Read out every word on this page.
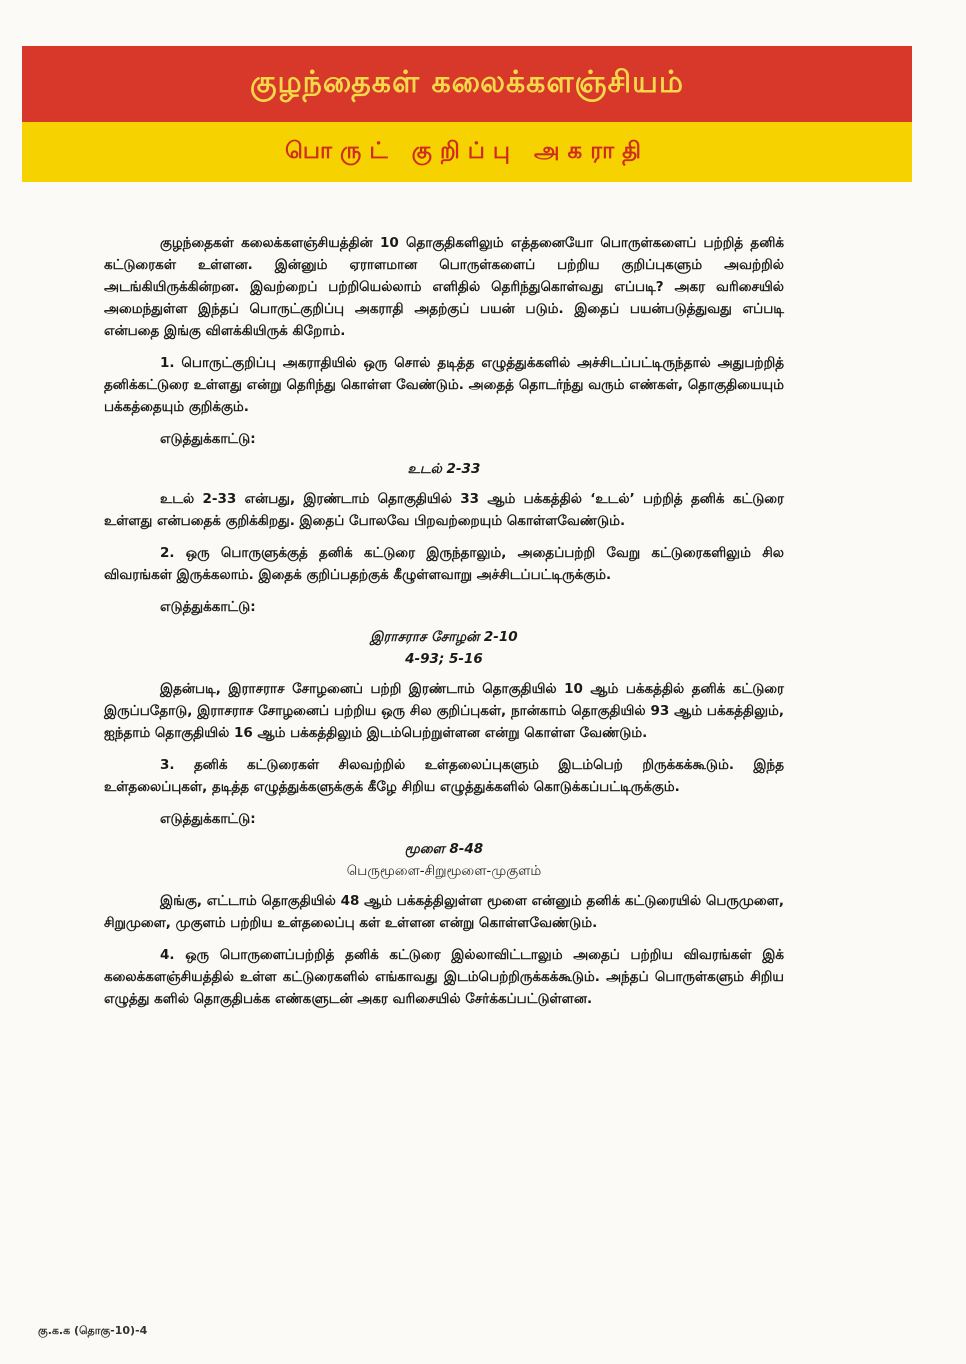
குழந்தைகள் கலைக்களஞ்சியம்
பொருட் குறிப்பு அகராதி

குழந்தைகள் கலைக்களஞ்சியத்தின் 10 தொகுதிகளிலும் எத்தனையோ பொருள்களைப் பற்றித் தனிக் கட்டுரைகள் உள்ளன. இன்னும் ஏராளமான பொருள்களைப் பற்றிய குறிப்புகளும் அவற்றில் அடங்கியிருக்கின்றன. இவற்றைப் பற்றியெல்லாம் எளிதில் தெரிந்துகொள்வது எப்படி? அகர வரிசையில் அமைந்துள்ள இந்தப் பொருட்குறிப்பு அகராதி அதற்குப் பயன் படும். இதைப் பயன்படுத்துவது எப்படி என்பதை இங்கு விளக்கியிருக் கிறோம்.

1. பொருட்குறிப்பு அகராதியில் ஒரு சொல் தடித்த எழுத்துக்களில் அச்சிடப்பட்டிருந்தால் அதுபற்றித் தனிக்கட்டுரை உள்ளது என்று தெரிந்து கொள்ள வேண்டும். அதைத் தொடர்ந்து வரும் எண்கள், தொகுதியையும் பக்கத்தையும் குறிக்கும்.

எடுத்துக்காட்டு:
உடல் 2-33

உடல் 2-33 என்பது, இரண்டாம் தொகுதியில் 33 ஆம் பக்கத்தில் ‘உடல்’ பற்றித் தனிக் கட்டுரை உள்ளது என்பதைக் குறிக்கிறது. இதைப் போலவே பிறவற்றையும் கொள்ளவேண்டும்.

2. ஒரு பொருளுக்குத் தனிக் கட்டுரை இருந்தாலும், அதைப்பற்றி வேறு கட்டுரைகளிலும் சில விவரங்கள் இருக்கலாம். இதைக் குறிப்பதற்குக் கீழுள்ளவாறு அச்சிடப்பட்டிருக்கும்.

எடுத்துக்காட்டு:
இராசராச சோழன் 2-10
4-93; 5-16

இதன்படி, இராசராச சோழனைப் பற்றி இரண்டாம் தொகுதியில் 10 ஆம் பக்கத்தில் தனிக் கட்டுரை இருப்பதோடு, இராசராச சோழனைப் பற்றிய ஒரு சில குறிப்புகள், நான்காம் தொகுதியில் 93 ஆம் பக்கத்திலும், ஐந்தாம் தொகுதியில் 16 ஆம் பக்கத்திலும் இடம்பெற்றுள்ளன என்று கொள்ள வேண்டும்.

3. தனிக் கட்டுரைகள் சிலவற்றில் உள்தலைப்புகளும் இடம்பெற் றிருக்கக்கூடும். இந்த உள்தலைப்புகள், தடித்த எழுத்துக்களுக்குக் கீழே சிறிய எழுத்துக்களில் கொடுக்கப்பட்டிருக்கும்.

எடுத்துக்காட்டு:
மூளை 8-48
பெருமூளை-சிறுமூளை-முகுளம்

இங்கு, எட்டாம் தொகுதியில் 48 ஆம் பக்கத்திலுள்ள மூளை என்னும் தனிக் கட்டுரையில் பெருமுளை, சிறுமுளை, முகுளம் பற்றிய உள்தலைப்பு கள் உள்ளன என்று கொள்ளவேண்டும்.

4. ஒரு பொருளைப்பற்றித் தனிக் கட்டுரை இல்லாவிட்டாலும் அதைப் பற்றிய விவரங்கள் இக் கலைக்களஞ்சியத்தில் உள்ள கட்டுரைகளில் எங்காவது இடம்பெற்றிருக்கக்கூடும். அந்தப் பொருள்களும் சிறிய எழுத்து களில் தொகுதிபக்க எண்களுடன் அகர வரிசையில் சேர்க்கப்பட்டுள்ளன.

கு.க.க (தொகு-10)-4
